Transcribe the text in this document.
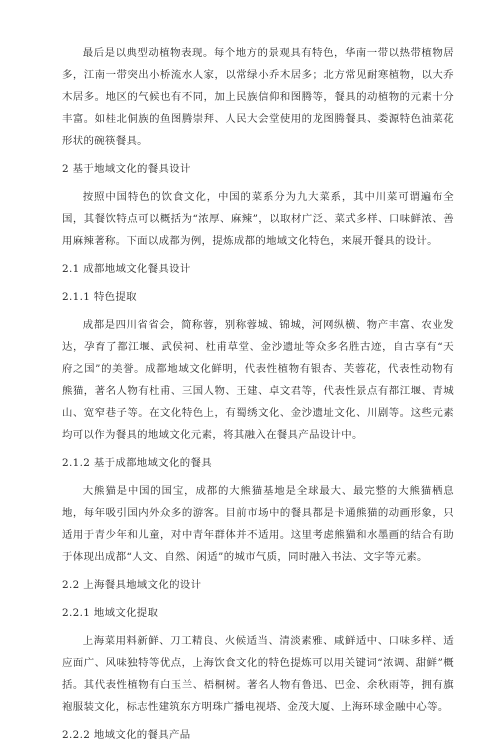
最后是以典型动植物表现。每个地方的景观具有特色，华南一带以热带植物居多，江南一带突出小桥流水人家，以常绿小乔木居多；北方常见耐寒植物，以大乔木居多。地区的气候也有不同，加上民族信仰和图腾等，餐具的动植物的元素十分丰富。如桂北侗族的鱼图腾崇拜、人民大会堂使用的龙图腾餐具、娄源特色油菜花形状的碗筷餐具。

2 基于地域文化的餐具设计

按照中国特色的饮食文化，中国的菜系分为九大菜系，其中川菜可谓遍布全国，其餐饮特点可以概括为“浓厚、麻辣”，以取材广泛、菜式多样、口味鲜浓、善用麻辣著称。下面以成都为例，提炼成都的地域文化特色，来展开餐具的设计。

2.1 成都地域文化餐具设计
2.1.1 特色提取

成都是四川省省会，简称蓉，别称蓉城、锦城，河网纵横、物产丰富、农业发达，孕育了都江堰、武侯祠、杜甫草堂、金沙遗址等众多名胜古迹，自古享有“天府之国”的美誉。成都地域文化鲜明，代表性植物有银杏、芙蓉花，代表性动物有熊猫，著名人物有杜甫、三国人物、王建、卓文君等，代表性景点有都江堰、青城山、宽窄巷子等。在文化特色上，有蜀绣文化、金沙遗址文化、川剧等。这些元素均可以作为餐具的地域文化元素，将其融入在餐具产品设计中。

2.1.2 基于成都地域文化的餐具

大熊猫是中国的国宝，成都的大熊猫基地是全球最大、最完整的大熊猫栖息地，每年吸引国内外众多的游客。目前市场中的餐具都是卡通熊猫的动画形象，只适用于青少年和儿童，对中青年群体并不适用。这里考虑熊猫和水墨画的结合有助于体现出成都“人文、自然、闲适”的城市气质，同时融入书法、文字等元素。

2.2 上海餐具地域文化的设计
2.2.1 地域文化提取

上海菜用料新鲜、刀工精良、火候适当、清淡素雅、咸鲜适中、口味多样、适应面广、风味独特等优点，上海饮食文化的特色提炼可以用关键词“浓调、甜鲜”概括。其代表性植物有白玉兰、梧桐树。著名人物有鲁迅、巴金、余秋雨等，拥有旗袍服装文化，标志性建筑东方明珠广播电视塔、金茂大厦、上海环球金融中心等。

2.2.2 地域文化的餐具产品
